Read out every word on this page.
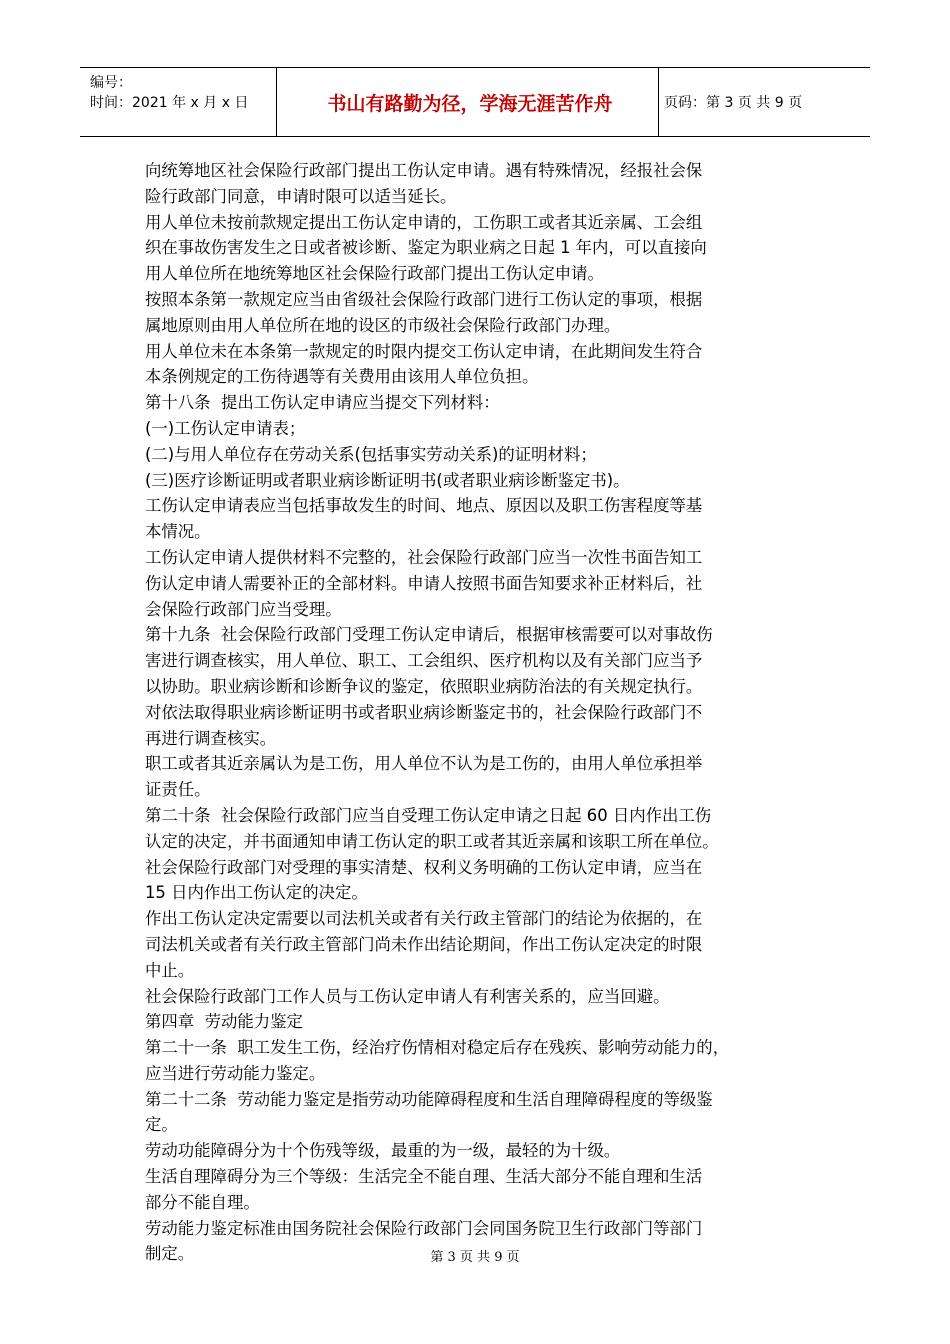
编号：
时间：2021 年 x 月 x 日	书山有路勤为径，学海无涯苦作舟	页码：第 3 页 共 9 页

向统筹地区社会保险行政部门提出工伤认定申请。遇有特殊情况，经报社会保

险行政部门同意，申请时限可以适当延长。

用人单位未按前款规定提出工伤认定申请的，工伤职工或者其近亲属、工会组

织在事故伤害发生之日或者被诊断、鉴定为职业病之日起 1 年内，可以直接向

用人单位所在地统筹地区社会保险行政部门提出工伤认定申请。

按照本条第一款规定应当由省级社会保险行政部门进行工伤认定的事项，根据

属地原则由用人单位所在地的设区的市级社会保险行政部门办理。

用人单位未在本条第一款规定的时限内提交工伤认定申请，在此期间发生符合

本条例规定的工伤待遇等有关费用由该用人单位负担。

第十八条  提出工伤认定申请应当提交下列材料：

(一)工伤认定申请表；

(二)与用人单位存在劳动关系(包括事实劳动关系)的证明材料；

(三)医疗诊断证明或者职业病诊断证明书(或者职业病诊断鉴定书)。

工伤认定申请表应当包括事故发生的时间、地点、原因以及职工伤害程度等基

本情况。

工伤认定申请人提供材料不完整的，社会保险行政部门应当一次性书面告知工

伤认定申请人需要补正的全部材料。申请人按照书面告知要求补正材料后，社

会保险行政部门应当受理。

第十九条  社会保险行政部门受理工伤认定申请后，根据审核需要可以对事故伤

害进行调查核实，用人单位、职工、工会组织、医疗机构以及有关部门应当予

以协助。职业病诊断和诊断争议的鉴定，依照职业病防治法的有关规定执行。

对依法取得职业病诊断证明书或者职业病诊断鉴定书的，社会保险行政部门不

再进行调查核实。

职工或者其近亲属认为是工伤，用人单位不认为是工伤的，由用人单位承担举

证责任。

第二十条  社会保险行政部门应当自受理工伤认定申请之日起 60 日内作出工伤

认定的决定，并书面通知申请工伤认定的职工或者其近亲属和该职工所在单位。

社会保险行政部门对受理的事实清楚、权利义务明确的工伤认定申请，应当在

15 日内作出工伤认定的决定。

作出工伤认定决定需要以司法机关或者有关行政主管部门的结论为依据的，在

司法机关或者有关行政主管部门尚未作出结论期间，作出工伤认定决定的时限

中止。

社会保险行政部门工作人员与工伤认定申请人有利害关系的，应当回避。

第四章  劳动能力鉴定

第二十一条  职工发生工伤，经治疗伤情相对稳定后存在残疾、影响劳动能力的，

应当进行劳动能力鉴定。

第二十二条  劳动能力鉴定是指劳动功能障碍程度和生活自理障碍程度的等级鉴

定。

劳动功能障碍分为十个伤残等级，最重的为一级，最轻的为十级。

生活自理障碍分为三个等级：生活完全不能自理、生活大部分不能自理和生活

部分不能自理。

劳动能力鉴定标准由国务院社会保险行政部门会同国务院卫生行政部门等部门

制定。	第 3 页 共 9 页
